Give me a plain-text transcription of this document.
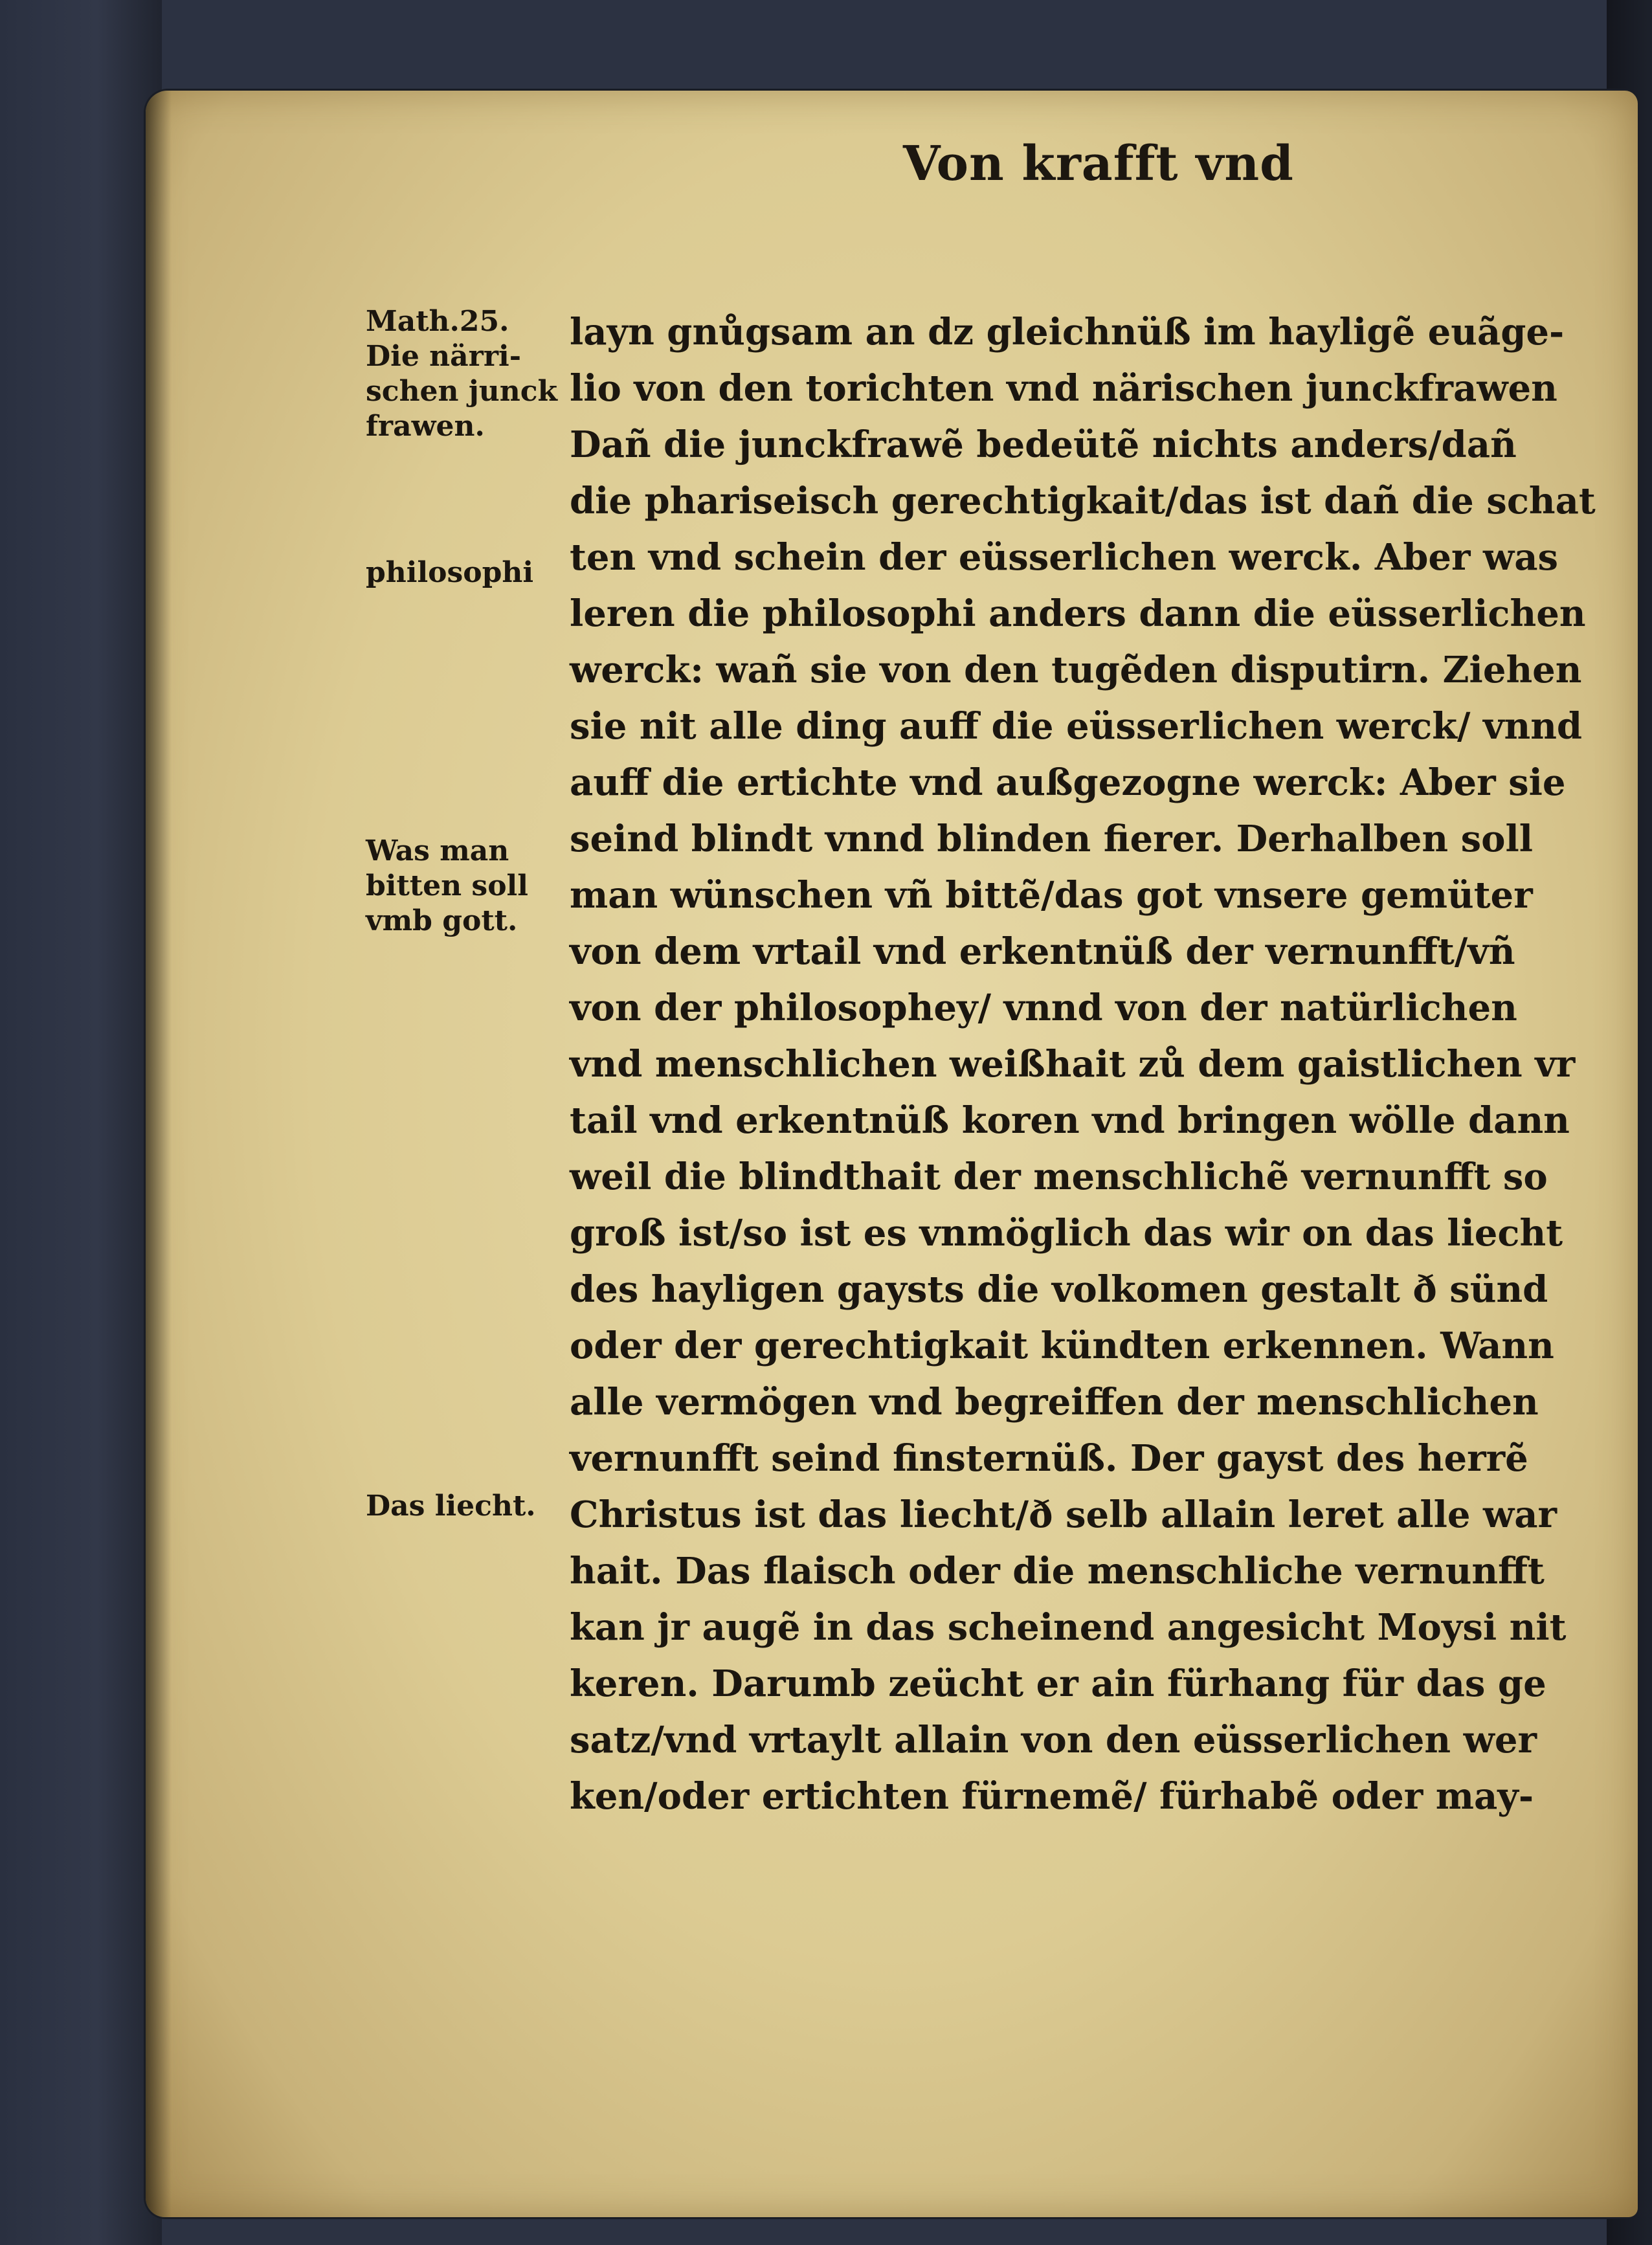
Von krafft vnd
Math.25.
Die närri-
schen junck
frawen.
philosophi
Was man
bitten soll
vmb gott.
Das liecht.
layn gnůgsam an dz gleichnüß im hayligẽ euãge-
lio von den torichten vnd närischen junckfrawen
Dañ die junckfrawẽ bedeütẽ nichts anders/dañ
die phariseisch gerechtigkait/das ist dañ die schat
ten vnd schein der eüsserlichen werck. Aber was
leren die philosophi anders dann die eüsserlichen
werck: wañ sie von den tugẽden disputirn. Ziehen
sie nit alle ding auff die eüsserlichen werck/ vnnd
auff die ertichte vnd außgezogne werck: Aber sie
seind blindt vnnd blinden fierer. Derhalben soll
man wünschen vñ bittẽ/das got vnsere gemüter
von dem vrtail vnd erkentnüß der vernunfft/vñ
von der philosophey/ vnnd von der natürlichen
vnd menschlichen weißhait zů dem gaistlichen vr
tail vnd erkentnüß koren vnd bringen wölle dann
weil die blindthait der menschlichẽ vernunfft so
groß ist/so ist es vnmöglich das wir on das liecht
des hayligen gaysts die volkomen gestalt ð sünd
oder der gerechtigkait kündten erkennen. Wann
alle vermögen vnd begreiffen der menschlichen
vernunfft seind finsternüß. Der gayst des herrẽ
Christus ist das liecht/ð selb allain leret alle war
hait. Das flaisch oder die menschliche vernunfft
kan jr augẽ in das scheinend angesicht Moysi nit
keren. Darumb zeücht er ain fürhang für das ge
satz/vnd vrtaylt allain von den eüsserlichen wer
ken/oder ertichten fürnemẽ/ fürhabẽ oder may-
